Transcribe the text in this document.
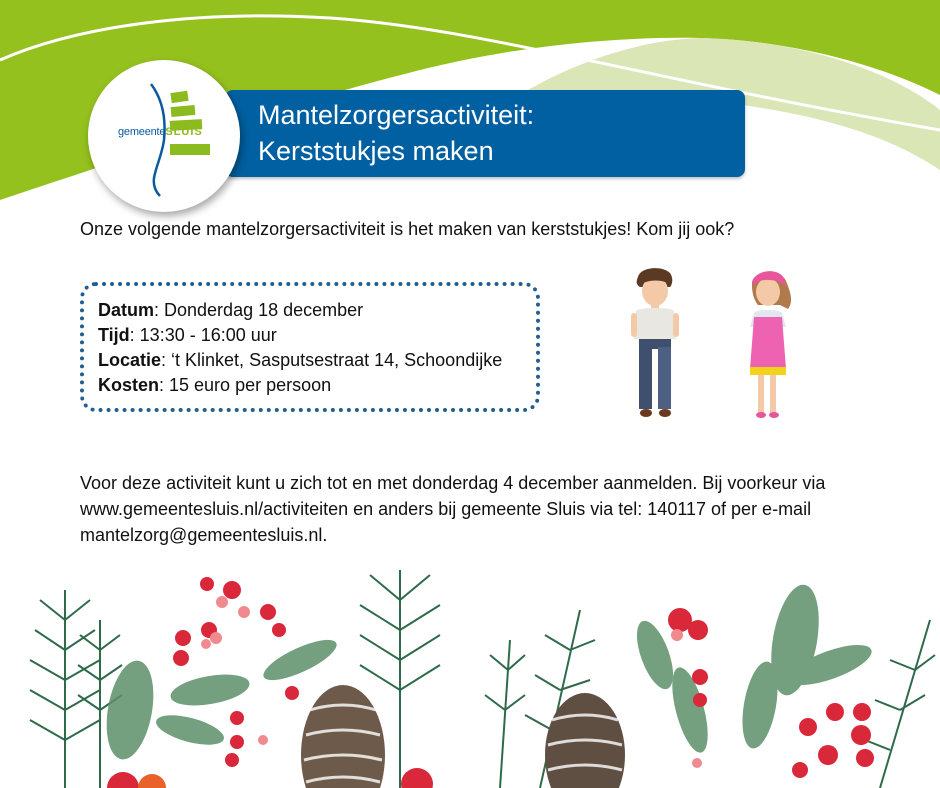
gemeenteSLUIS
Mantelzorgersactiviteit:
Kerststukjes maken
Onze volgende mantelzorgersactiviteit is het maken van kerststukjes! Kom jij ook?
Datum: Donderdag 18 december
Tijd: 13:30 - 16:00 uur
Locatie: ‘t Klinket, Sasputsestraat 14, Schoondijke
Kosten: 15 euro per persoon
Voor deze activiteit kunt u zich tot en met donderdag 4 december aanmelden. Bij voorkeur via
www.gemeentesluis.nl/activiteiten en anders bij gemeente Sluis via tel: 140117 of per e-mail
mantelzorg@gemeentesluis.nl.
